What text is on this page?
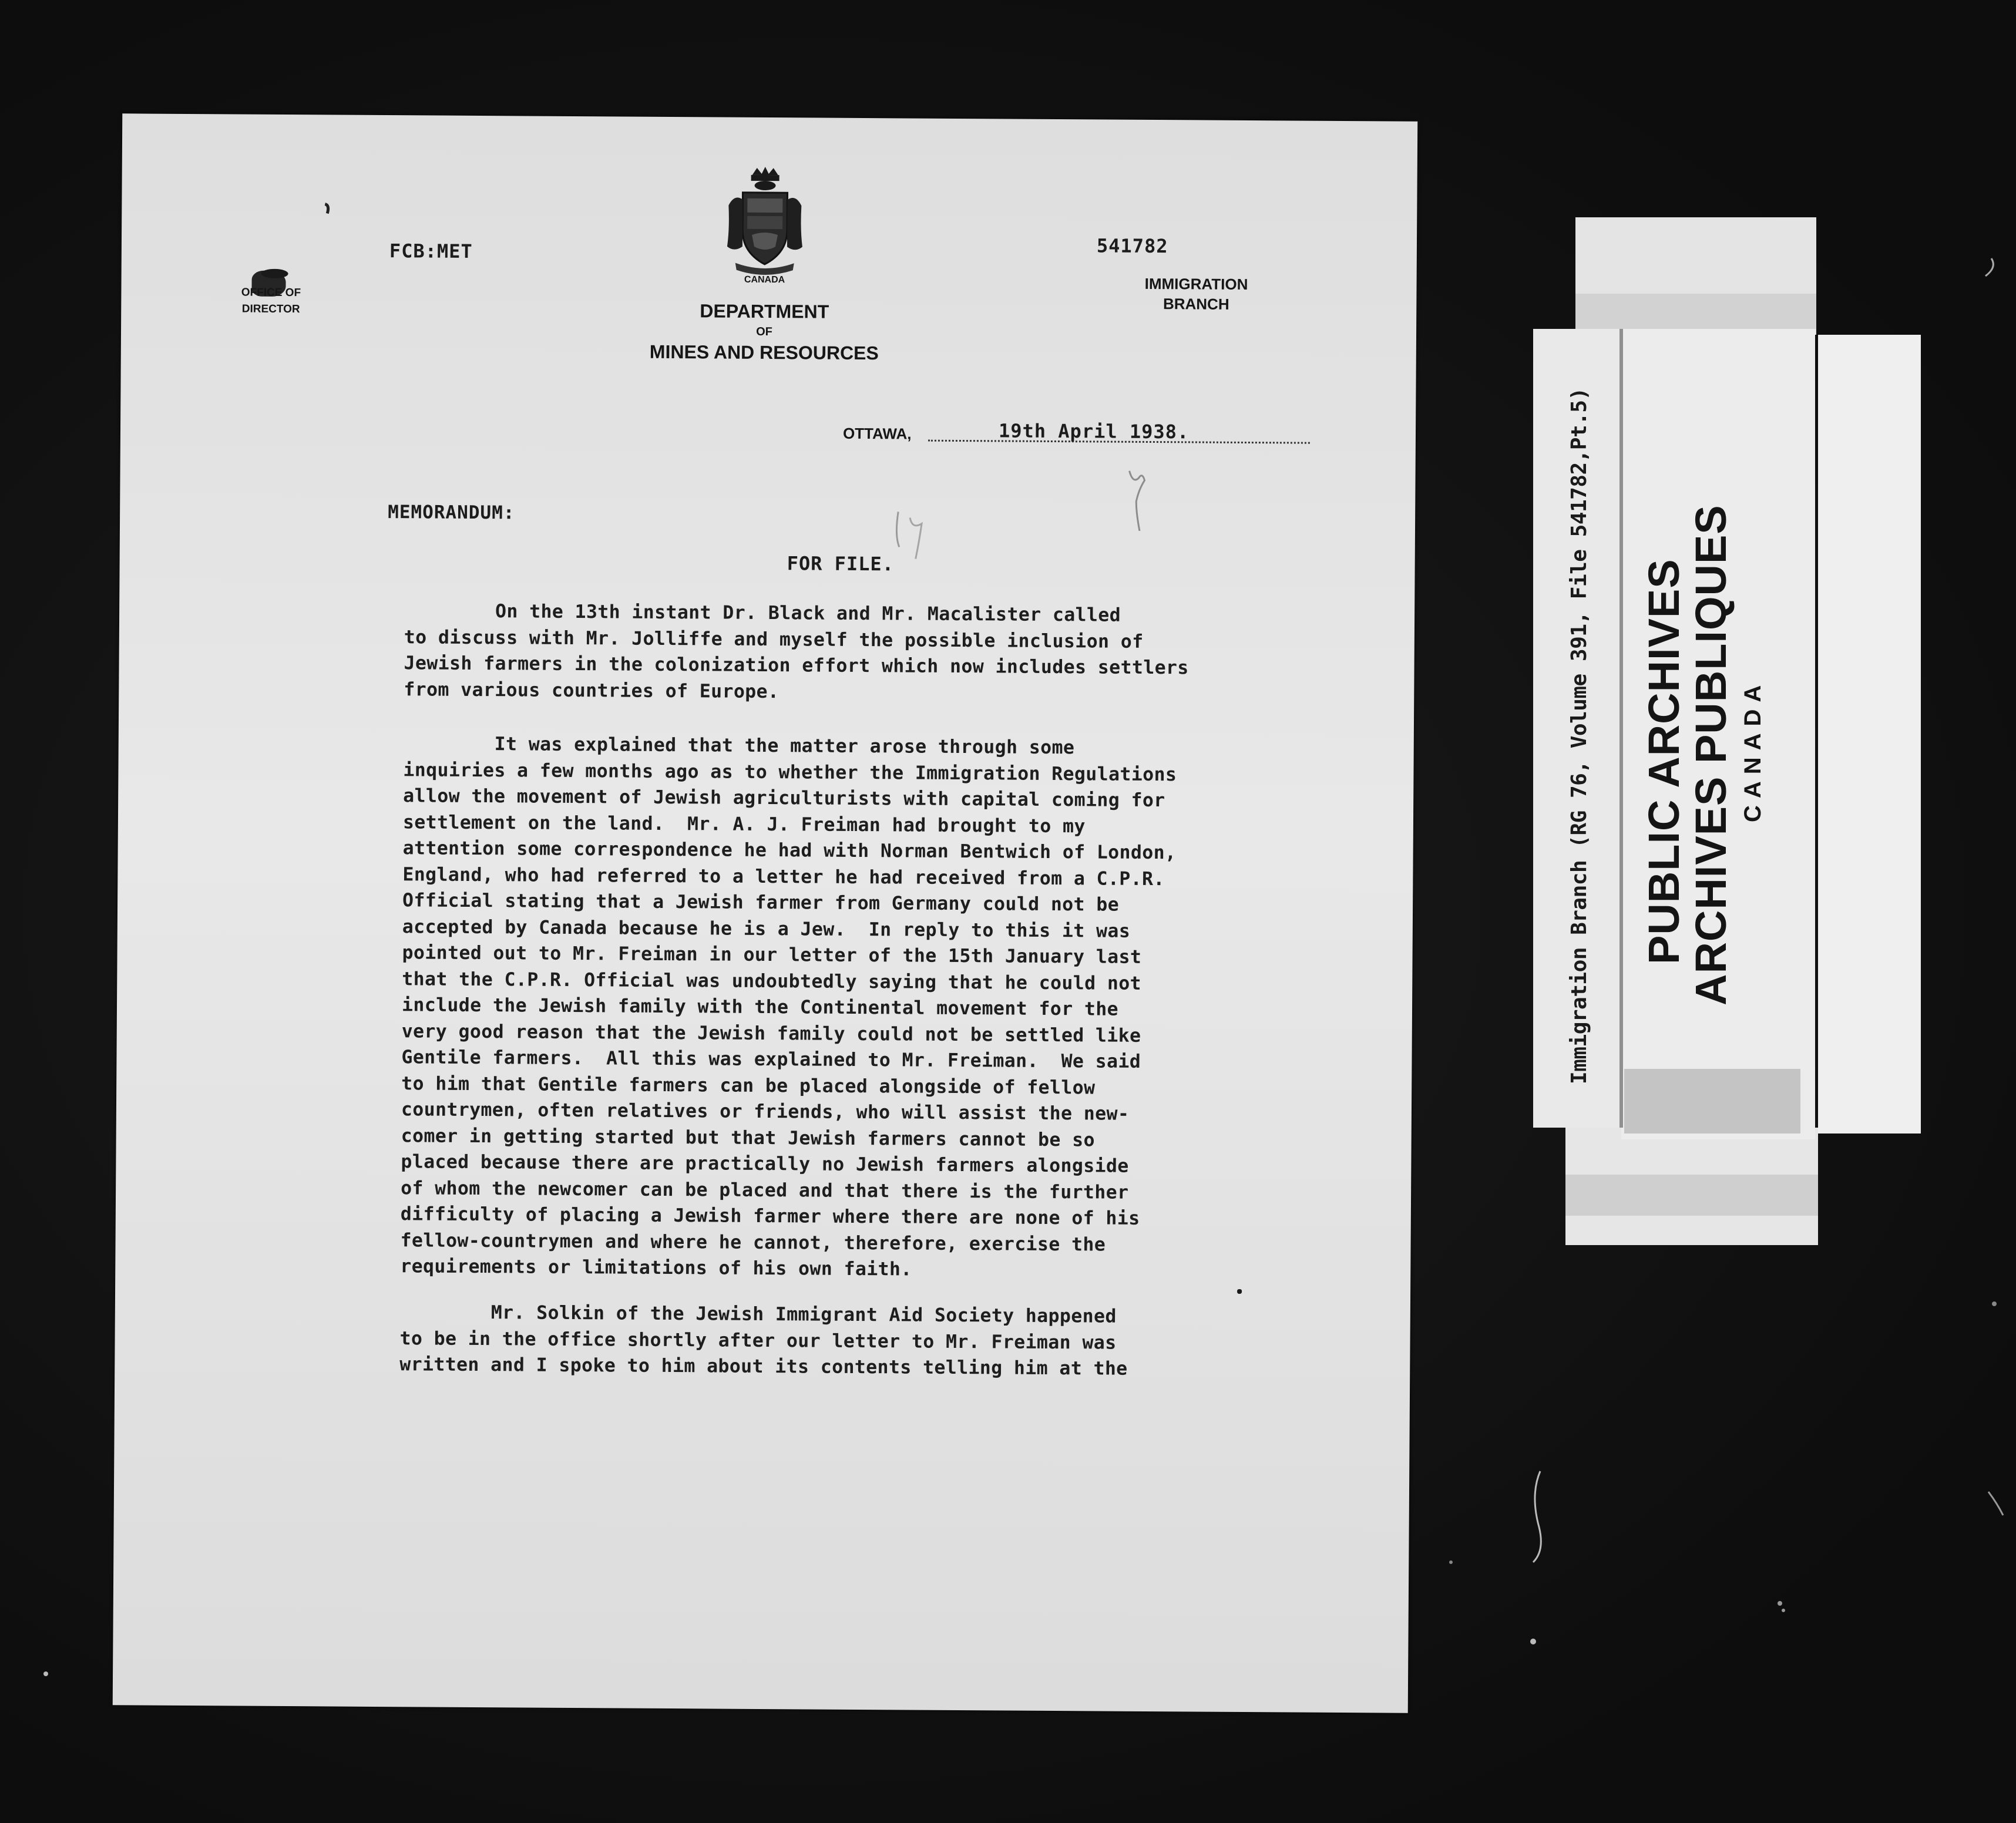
OFFICE OF
DIRECTOR
FCB:MET
CANADA
DEPARTMENT
OF
MINES AND RESOURCES
541782
IMMIGRATION
BRANCH
OTTAWA,	19th April 1938.
MEMORANDUM:
FOR FILE.
On the 13th instant Dr. Black and Mr. Macalister called
to discuss with Mr. Jolliffe and myself the possible inclusion of
Jewish farmers in the colonization effort which now includes settlers
from various countries of Europe.
It was explained that the matter arose through some
inquiries a few months ago as to whether the Immigration Regulations
allow the movement of Jewish agriculturists with capital coming for
settlement on the land.  Mr. A. J. Freiman had brought to my
attention some correspondence he had with Norman Bentwich of London,
England, who had referred to a letter he had received from a C.P.R.
Official stating that a Jewish farmer from Germany could not be
accepted by Canada because he is a Jew.  In reply to this it was
pointed out to Mr. Freiman in our letter of the 15th January last
that the C.P.R. Official was undoubtedly saying that he could not
include the Jewish family with the Continental movement for the
very good reason that the Jewish family could not be settled like
Gentile farmers.  All this was explained to Mr. Freiman.  We said
to him that Gentile farmers can be placed alongside of fellow
countrymen, often relatives or friends, who will assist the new-
comer in getting started but that Jewish farmers cannot be so
placed because there are practically no Jewish farmers alongside
of whom the newcomer can be placed and that there is the further
difficulty of placing a Jewish farmer where there are none of his
fellow-countrymen and where he cannot, therefore, exercise the
requirements or limitations of his own faith.
Mr. Solkin of the Jewish Immigrant Aid Society happened
to be in the office shortly after our letter to Mr. Freiman was
written and I spoke to him about its contents telling him at the
Immigration Branch (RG 76, Volume 391, File 541782,Pt.5) PUBLIC ARCHIVES
ARCHIVES PUBLIQUES CANADA
